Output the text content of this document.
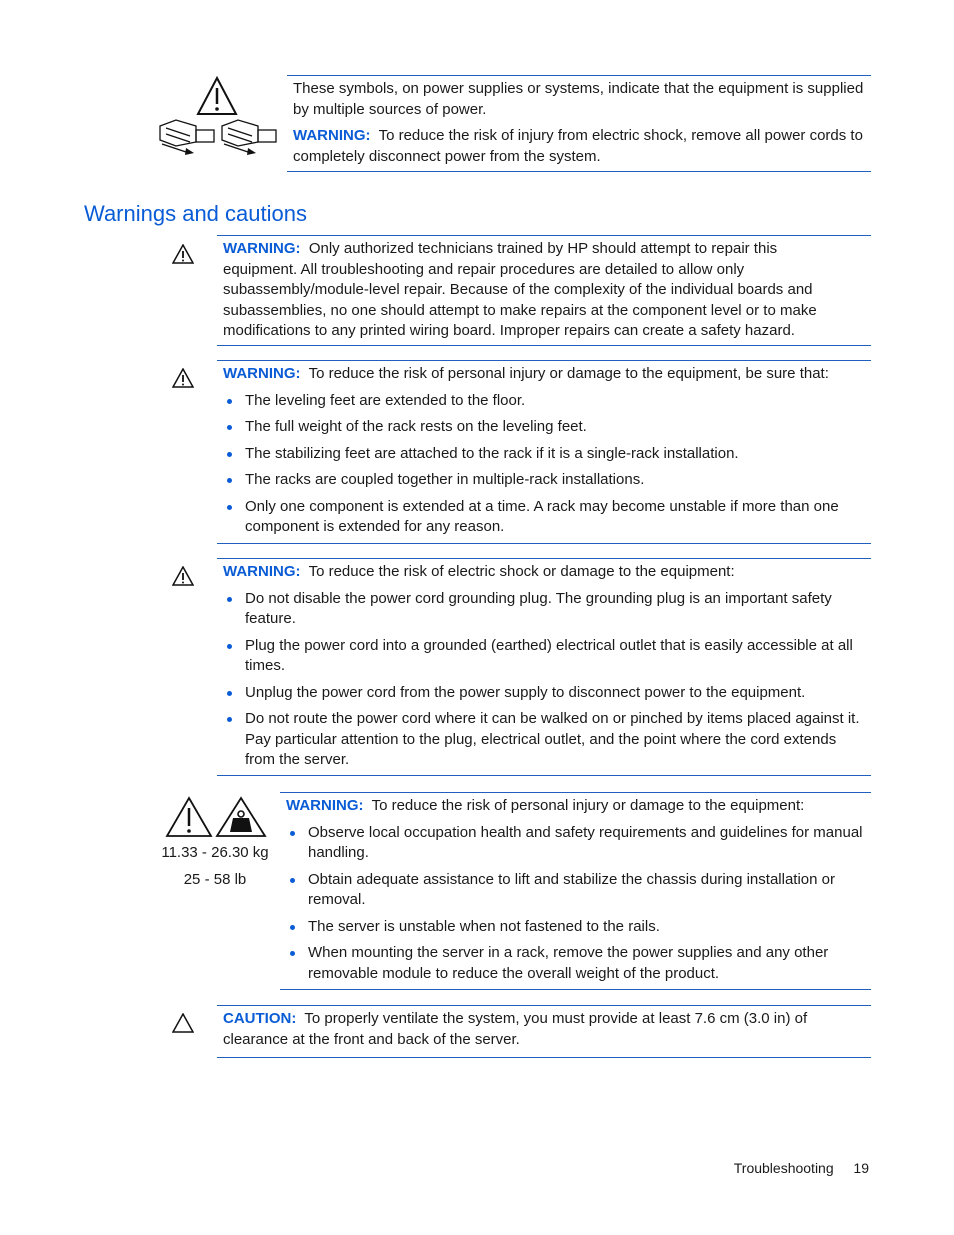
These symbols, on power supplies or systems, indicate that the equipment is supplied by multiple sources of power.

WARNING: To reduce the risk of injury from electric shock, remove all power cords to completely disconnect power from the system.

Warnings and cautions

WARNING: Only authorized technicians trained by HP should attempt to repair this equipment. All troubleshooting and repair procedures are detailed to allow only subassembly/module-level repair. Because of the complexity of the individual boards and subassemblies, no one should attempt to make repairs at the component level or to make modifications to any printed wiring board. Improper repairs can create a safety hazard.

WARNING: To reduce the risk of personal injury or damage to the equipment, be sure that:

The leveling feet are extended to the floor.
The full weight of the rack rests on the leveling feet.
The stabilizing feet are attached to the rack if it is a single-rack installation.
The racks are coupled together in multiple-rack installations.
Only one component is extended at a time. A rack may become unstable if more than one component is extended for any reason.

WARNING: To reduce the risk of electric shock or damage to the equipment:

Do not disable the power cord grounding plug. The grounding plug is an important safety feature.
Plug the power cord into a grounded (earthed) electrical outlet that is easily accessible at all times.
Unplug the power cord from the power supply to disconnect power to the equipment.
Do not route the power cord where it can be walked on or pinched by items placed against it. Pay particular attention to the plug, electrical outlet, and the point where the cord extends from the server.
11.33 - 26.30 kg
25 - 58 lb

WARNING: To reduce the risk of personal injury or damage to the equipment:

Observe local occupation health and safety requirements and guidelines for manual handling.
Obtain adequate assistance to lift and stabilize the chassis during installation or removal.
The server is unstable when not fastened to the rails.
When mounting the server in a rack, remove the power supplies and any other removable module to reduce the overall weight of the product.

CAUTION: To properly ventilate the system, you must provide at least 7.6 cm (3.0 in) of clearance at the front and back of the server.

Troubleshooting 19
